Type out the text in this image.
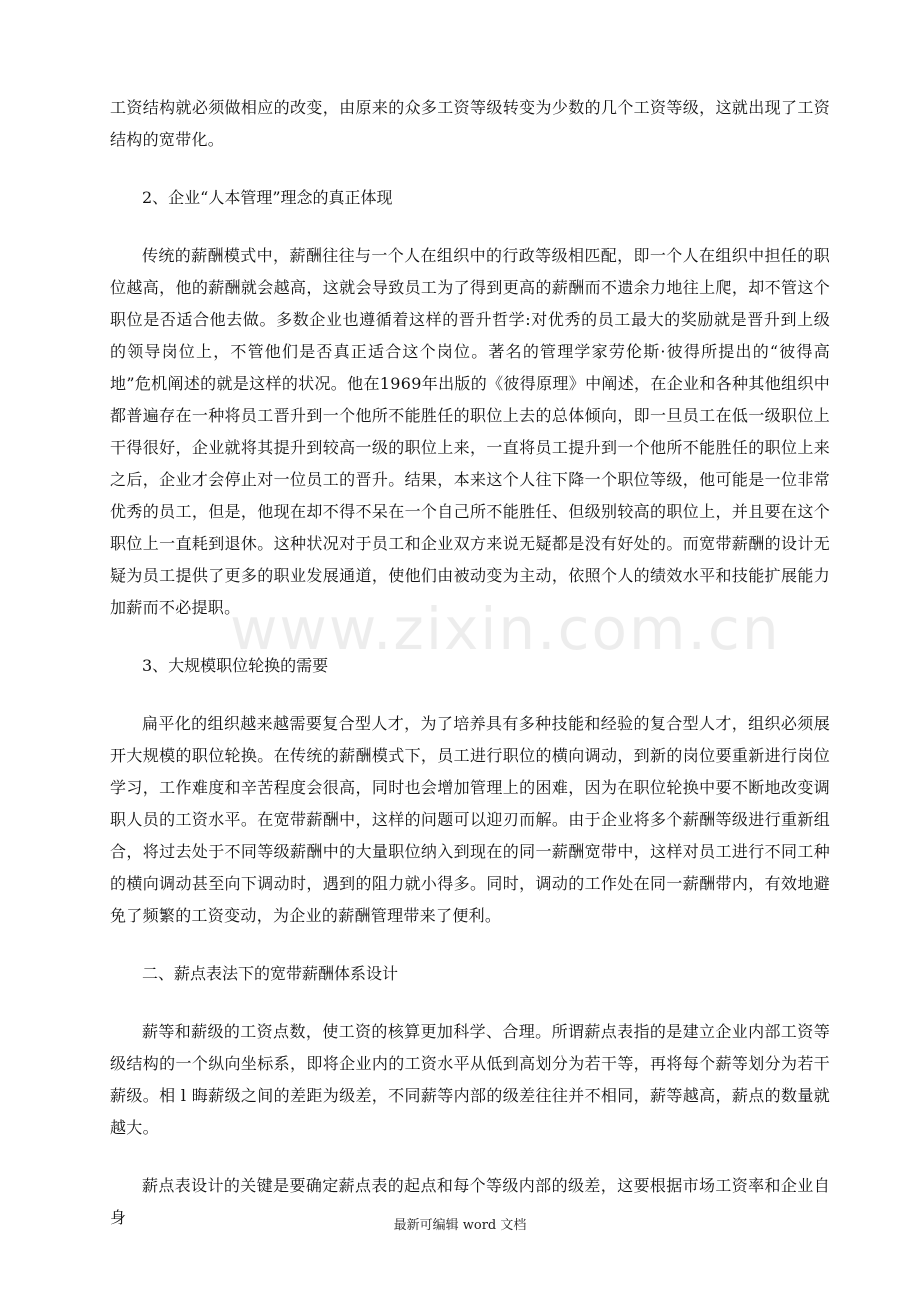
www.zixin.com.cn

工资结构就必须做相应的改变，由原来的众多工资等级转变为少数的几个工资等级，这就出现了工资结构的宽带化。

2、企业“人本管理”理念的真正体现

传统的薪酬模式中，薪酬往往与一个人在组织中的行政等级相匹配，即一个人在组织中担任的职位越高，他的薪酬就会越高，这就会导致员工为了得到更高的薪酬而不遗余力地往上爬，却不管这个职位是否适合他去做。多数企业也遵循着这样的晋升哲学:对优秀的员工最大的奖励就是晋升到上级的领导岗位上，不管他们是否真正适合这个岗位。著名的管理学家劳伦斯·彼得所提出的“彼得高地”危机阐述的就是这样的状况。他在1969年出版的《彼得原理》中阐述，在企业和各种其他组织中都普遍存在一种将员工晋升到一个他所不能胜任的职位上去的总体倾向，即一旦员工在低一级职位上干得很好，企业就将其提升到较高一级的职位上来，一直将员工提升到一个他所不能胜任的职位上来之后，企业才会停止对一位员工的晋升。结果，本来这个人往下降一个职位等级，他可能是一位非常优秀的员工，但是，他现在却不得不呆在一个自己所不能胜任、但级别较高的职位上，并且要在这个职位上一直耗到退休。这种状况对于员工和企业双方来说无疑都是没有好处的。而宽带薪酬的设计无疑为员工提供了更多的职业发展通道，使他们由被动变为主动，依照个人的绩效水平和技能扩展能力加薪而不必提职。

3、大规模职位轮换的需要

扁平化的组织越来越需要复合型人才，为了培养具有多种技能和经验的复合型人才，组织必须展开大规模的职位轮换。在传统的薪酬模式下，员工进行职位的横向调动，到新的岗位要重新进行岗位学习，工作难度和辛苦程度会很高，同时也会增加管理上的困难，因为在职位轮换中要不断地改变调职人员的工资水平。在宽带薪酬中，这样的问题可以迎刃而解。由于企业将多个薪酬等级进行重新组合，将过去处于不同等级薪酬中的大量职位纳入到现在的同一薪酬宽带中，这样对员工进行不同工种的横向调动甚至向下调动时，遇到的阻力就小得多。同时，调动的工作处在同一薪酬带内，有效地避免了频繁的工资变动，为企业的薪酬管理带来了便利。

二、薪点表法下的宽带薪酬体系设计

薪等和薪级的工资点数，使工资的核算更加科学、合理。所谓薪点表指的是建立企业内部工资等级结构的一个纵向坐标系，即将企业内的工资水平从低到高划分为若干等，再将每个薪等划分为若干薪级。相 l 晦薪级之间的差距为级差，不同薪等内部的级差往往并不相同，薪等越高，薪点的数量就越大。

薪点表设计的关键是要确定薪点表的起点和每个等级内部的级差，这要根据市场工资率和企业自身	最新可编辑 word 文档
